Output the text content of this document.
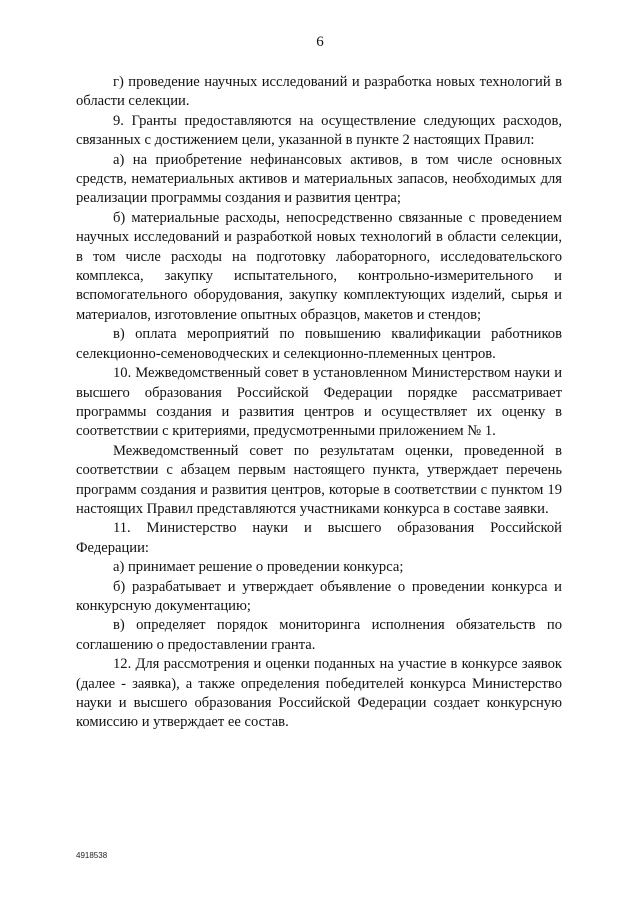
6

г) проведение научных исследований и разработка новых технологий в области селекции.

9. Гранты предоставляются на осуществление следующих расходов, связанных с достижением цели, указанной в пункте 2 настоящих Правил:

а) на приобретение нефинансовых активов, в том числе основных средств, нематериальных активов и материальных запасов, необходимых для реализации программы создания и развития центра;

б) материальные расходы, непосредственно связанные с проведением научных исследований и разработкой новых технологий в области селекции, в том числе расходы на подготовку лабораторного, исследовательского комплекса, закупку испытательного, контрольно-измерительного и вспомогательного оборудования, закупку комплектующих изделий, сырья и материалов, изготовление опытных образцов, макетов и стендов;

в) оплата мероприятий по повышению квалификации работников селекционно-семеноводческих и селекционно-племенных центров.

10. Межведомственный совет в установленном Министерством науки и высшего образования Российской Федерации порядке рассматривает программы создания и развития центров и осуществляет их оценку в соответствии с критериями, предусмотренными приложением № 1.

Межведомственный совет по результатам оценки, проведенной в соответствии с абзацем первым настоящего пункта, утверждает перечень программ создания и развития центров, которые в соответствии с пунктом 19 настоящих Правил представляются участниками конкурса в составе заявки.

11. Министерство науки и высшего образования Российской Федерации:

а) принимает решение о проведении конкурса;

б) разрабатывает и утверждает объявление о проведении конкурса и конкурсную документацию;

в) определяет порядок мониторинга исполнения обязательств по соглашению о предоставлении гранта.

12. Для рассмотрения и оценки поданных на участие в конкурсе заявок (далее - заявка), а также определения победителей конкурса Министерство науки и высшего образования Российской Федерации создает конкурсную комиссию и утверждает ее состав.

4918538
